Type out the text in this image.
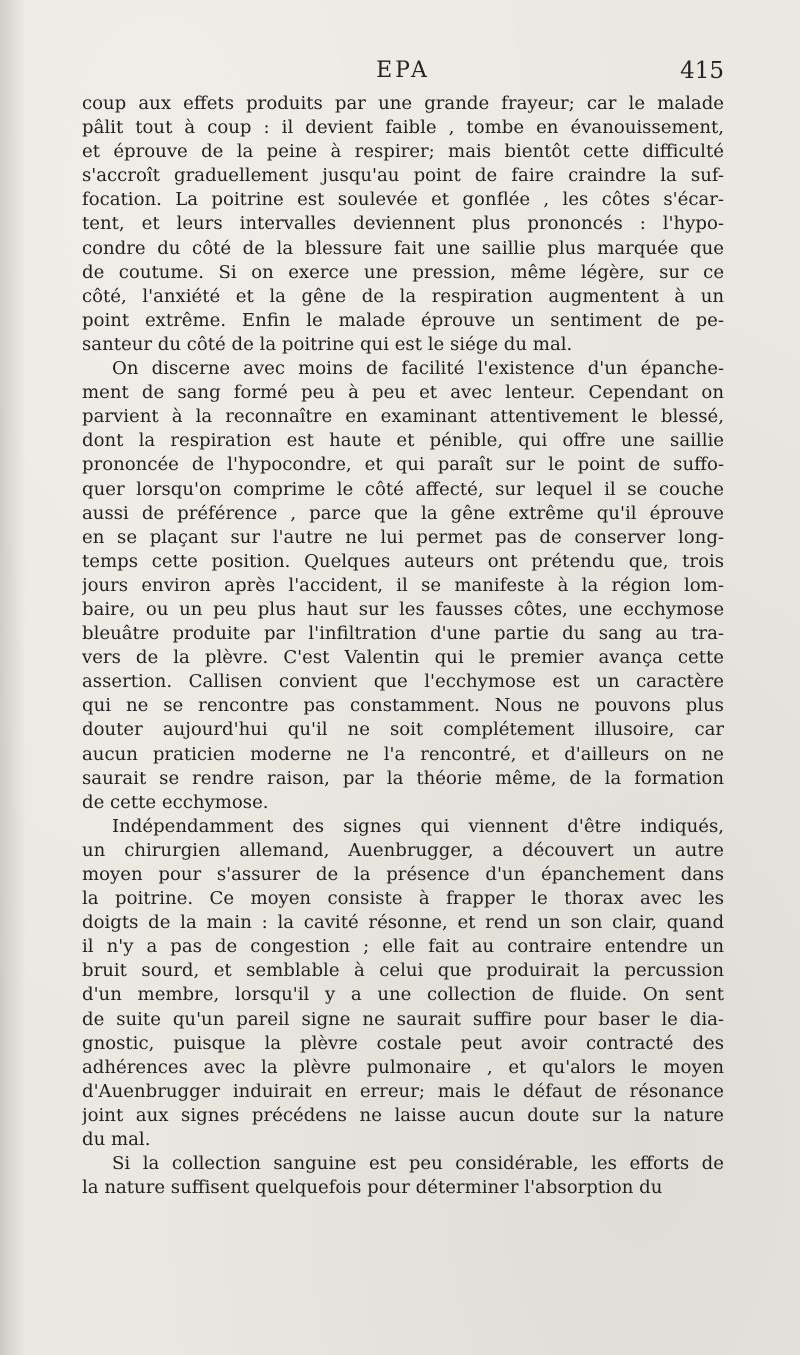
EPA	415
coup aux effets produits par une grande frayeur; car le malade
pâlit tout à coup : il devient faible , tombe en évanouissement,
et éprouve de la peine à respirer; mais bientôt cette difficulté
s'accroît graduellement jusqu'au point de faire craindre la suf-
focation. La poitrine est soulevée et gonflée , les côtes s'écar-
tent, et leurs intervalles deviennent plus prononcés : l'hypo-
condre du côté de la blessure fait une saillie plus marquée que
de coutume. Si on exerce une pression, même légère, sur ce
côté, l'anxiété et la gêne de la respiration augmentent à un
point extrême. Enfin le malade éprouve un sentiment de pe-
santeur du côté de la poitrine qui est le siége du mal.
On discerne avec moins de facilité l'existence d'un épanche-
ment de sang formé peu à peu et avec lenteur. Cependant on
parvient à la reconnaître en examinant attentivement le blessé,
dont la respiration est haute et pénible, qui offre une saillie
prononcée de l'hypocondre, et qui paraît sur le point de suffo-
quer lorsqu'on comprime le côté affecté, sur lequel il se couche
aussi de préférence , parce que la gêne extrême qu'il éprouve
en se plaçant sur l'autre ne lui permet pas de conserver long-
temps cette position. Quelques auteurs ont prétendu que, trois
jours environ après l'accident, il se manifeste à la région lom-
baire, ou un peu plus haut sur les fausses côtes, une ecchymose
bleuâtre produite par l'infiltration d'une partie du sang au tra-
vers de la plèvre. C'est Valentin qui le premier avança cette
assertion. Callisen convient que l'ecchymose est un caractère
qui ne se rencontre pas constamment. Nous ne pouvons plus
douter aujourd'hui qu'il ne soit complétement illusoire, car
aucun praticien moderne ne l'a rencontré, et d'ailleurs on ne
saurait se rendre raison, par la théorie même, de la formation
de cette ecchymose.
Indépendamment des signes qui viennent d'être indiqués,
un chirurgien allemand, Auenbrugger, a découvert un autre
moyen pour s'assurer de la présence d'un épanchement dans
la poitrine. Ce moyen consiste à frapper le thorax avec les
doigts de la main : la cavité résonne, et rend un son clair, quand
il n'y a pas de congestion ; elle fait au contraire entendre un
bruit sourd, et semblable à celui que produirait la percussion
d'un membre, lorsqu'il y a une collection de fluide. On sent
de suite qu'un pareil signe ne saurait suffire pour baser le dia-
gnostic, puisque la plèvre costale peut avoir contracté des
adhérences avec la plèvre pulmonaire , et qu'alors le moyen
d'Auenbrugger induirait en erreur; mais le défaut de résonance
joint aux signes précédens ne laisse aucun doute sur la nature
du mal.
Si la collection sanguine est peu considérable, les efforts de
la nature suffisent quelquefois pour déterminer l'absorption du
